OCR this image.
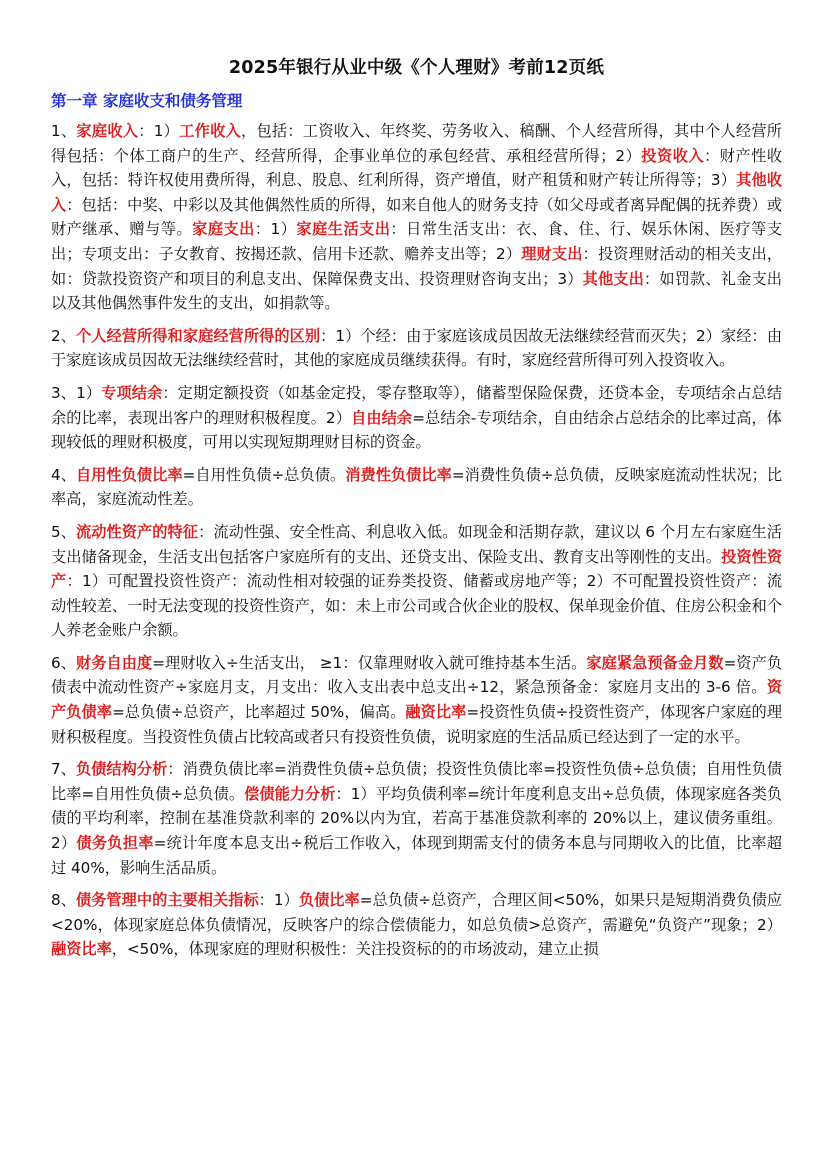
2025年银行从业中级《个人理财》考前12页纸
第一章 家庭收支和债务管理

1、家庭收入：1）工作收入，包括：工资收入、年终奖、劳务收入、稿酬、个人经营所得，其中个人经营所得包括：个体工商户的生产、经营所得，企事业单位的承包经营、承租经营所得；2）投资收入：财产性收入，包括：特许权使用费所得，利息、股息、红利所得，资产增值，财产租赁和财产转让所得等；3）其他收入：包括：中奖、中彩以及其他偶然性质的所得，如来自他人的财务支持（如父母或者离异配偶的抚养费）或财产继承、赠与等。家庭支出：1）家庭生活支出：日常生活支出：衣、食、住、行、娱乐休闲、医疗等支出；专项支出：子女教育、按揭还款、信用卡还款、赡养支出等；2）理财支出：投资理财活动的相关支出，如：贷款投资资产和项目的利息支出、保障保费支出、投资理财咨询支出；3）其他支出：如罚款、礼金支出以及其他偶然事件发生的支出，如捐款等。

2、个人经营所得和家庭经营所得的区别：1）个经：由于家庭该成员因故无法继续经营而灭失；2）家经：由于家庭该成员因故无法继续经营时，其他的家庭成员继续获得。有时，家庭经营所得可列入投资收入。

3、1）专项结余：定期定额投资（如基金定投，零存整取等），储蓄型保险保费，还贷本金，专项结余占总结余的比率，表现出客户的理财积极程度。2）自由结余=总结余-专项结余，自由结余占总结余的比率过高，体现较低的理财积极度，可用以实现短期理财目标的资金。

4、自用性负债比率=自用性负债÷总负债。消费性负债比率=消费性负债÷总负债，反映家庭流动性状况；比率高，家庭流动性差。

5、流动性资产的特征：流动性强、安全性高、利息收入低。如现金和活期存款，建议以 6 个月左右家庭生活支出储备现金，生活支出包括客户家庭所有的支出、还贷支出、保险支出、教育支出等刚性的支出。投资性资产：1）可配置投资性资产：流动性相对较强的证券类投资、储蓄或房地产等；2）不可配置投资性资产：流动性较差、一时无法变现的投资性资产，如：未上市公司或合伙企业的股权、保单现金价值、住房公积金和个人养老金账户余额。

6、财务自由度=理财收入÷生活支出， ≥1：仅靠理财收入就可维持基本生活。家庭紧急预备金月数=资产负债表中流动性资产÷家庭月支，月支出：收入支出表中总支出÷12，紧急预备金：家庭月支出的 3-6 倍。资产负债率=总负债÷总资产，比率超过 50%，偏高。融资比率=投资性负债÷投资性资产，体现客户家庭的理财积极程度。当投资性负债占比较高或者只有投资性负债，说明家庭的生活品质已经达到了一定的水平。

7、负债结构分析：消费负债比率=消费性负债÷总负债；投资性负债比率=投资性负债÷总负债；自用性负债比率=自用性负债÷总负债。偿债能力分析：1）平均负债利率=统计年度利息支出÷总负债，体现家庭各类负债的平均利率，控制在基准贷款利率的 20%以内为宜，若高于基准贷款利率的 20%以上，建议债务重组。2）债务负担率=统计年度本息支出÷税后工作收入，体现到期需支付的债务本息与同期收入的比值，比率超过 40%，影响生活品质。

8、债务管理中的主要相关指标：1）负债比率=总负债÷总资产，合理区间<50%，如果只是短期消费负债应<20%，体现家庭总体负债情况，反映客户的综合偿债能力，如总负债>总资产，需避免“负资产”现象；2）融资比率，<50%，体现家庭的理财积极性：关注投资标的的市场波动，建立止损
